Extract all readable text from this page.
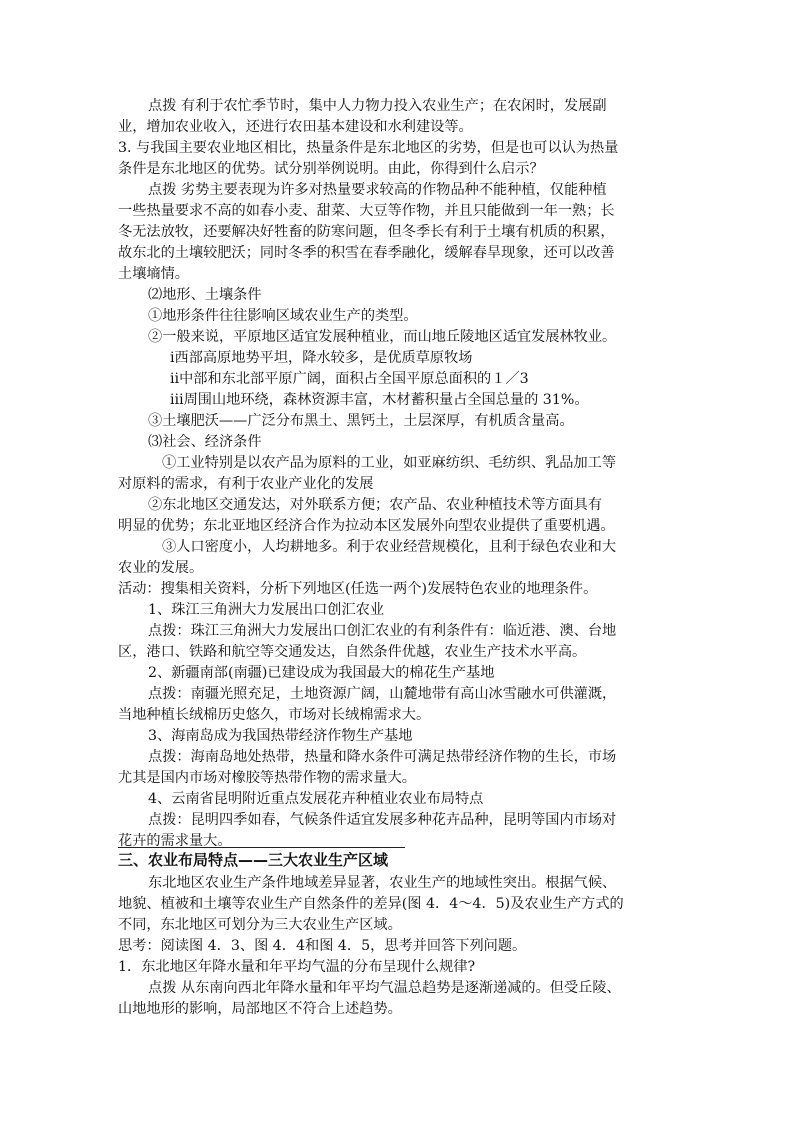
点拨 有利于农忙季节时，集中人力物力投入农业生产；在农闲时，发展副
业，增加农业收入，还进行农田基本建设和水利建设等。
3. 与我国主要农业地区相比，热量条件是东北地区的劣势，但是也可以认为热量
条件是东北地区的优势。试分别举例说明。由此，你得到什么启示？
点拨 劣势主要表现为许多对热量要求较高的作物品种不能种植，仅能种植
一些热量要求不高的如春小麦、甜菜、大豆等作物，并且只能做到一年一熟；长
冬无法放牧，还要解决好牲畜的防寒问题，但冬季长有利于土壤有机质的积累，
故东北的土壤较肥沃；同时冬季的积雪在春季融化，缓解春旱现象，还可以改善
土壤墒情。
⑵地形、土壤条件
①地形条件往往影响区域农业生产的类型。
②一般来说，平原地区适宜发展种植业，而山地丘陵地区适宜发展林牧业。
ⅰ西部高原地势平坦，降水较多，是优质草原牧场
ⅱ中部和东北部平原广阔，面积占全国平原总面积的１／3
ⅲ周围山地环绕，森林资源丰富，木材蓄积量占全国总量的 31%。
③土壤肥沃——广泛分布黑土、黑钙土，土层深厚，有机质含量高。
⑶社会、经济条件
①工业特别是以农产品为原料的工业，如亚麻纺织、毛纺织、乳品加工等
对原料的需求，有利于农业产业化的发展
②东北地区交通发达，对外联系方便；农产品、农业种植技术等方面具有
明显的优势；东北亚地区经济合作为拉动本区发展外向型农业提供了重要机遇。
③人口密度小，人均耕地多。利于农业经营规模化，且利于绿色农业和大
农业的发展。
活动：搜集相关资料，分析下列地区(任选一两个)发展特色农业的地理条件。
1、珠江三角洲大力发展出口创汇农业
点拨：珠江三角洲大力发展出口创汇农业的有利条件有：临近港、澳、台地
区，港口、铁路和航空等交通发达，自然条件优越，农业生产技术水平高。
2、新疆南部(南疆)已建设成为我国最大的棉花生产基地
点拨：南疆光照充足，土地资源广阔，山麓地带有高山冰雪融水可供灌溉，
当地种植长绒棉历史悠久，市场对长绒棉需求大。
3、海南岛成为我国热带经济作物生产基地
点拨：海南岛地处热带，热量和降水条件可满足热带经济作物的生长，市场
尤其是国内市场对橡胶等热带作物的需求量大。
4、云南省昆明附近重点发展花卉种植业农业布局特点
点拨：昆明四季如春，气候条件适宜发展多种花卉品种，昆明等国内市场对
花卉的需求量大。
三、农业布局特点——三大农业生产区域
东北地区农业生产条件地域差异显著，农业生产的地域性突出。根据气候、
地貌、植被和土壤等农业生产自然条件的差异(图 4．4～4．5)及农业生产方式的
不同，东北地区可划分为三大农业生产区域。
思考：阅读图 4．3、图 4．4和图 4．5，思考并回答下列问题。
1．东北地区年降水量和年平均气温的分布呈现什么规律?
点拨 从东南向西北年降水量和年平均气温总趋势是逐渐递减的。但受丘陵、
山地地形的影响，局部地区不符合上述趋势。
